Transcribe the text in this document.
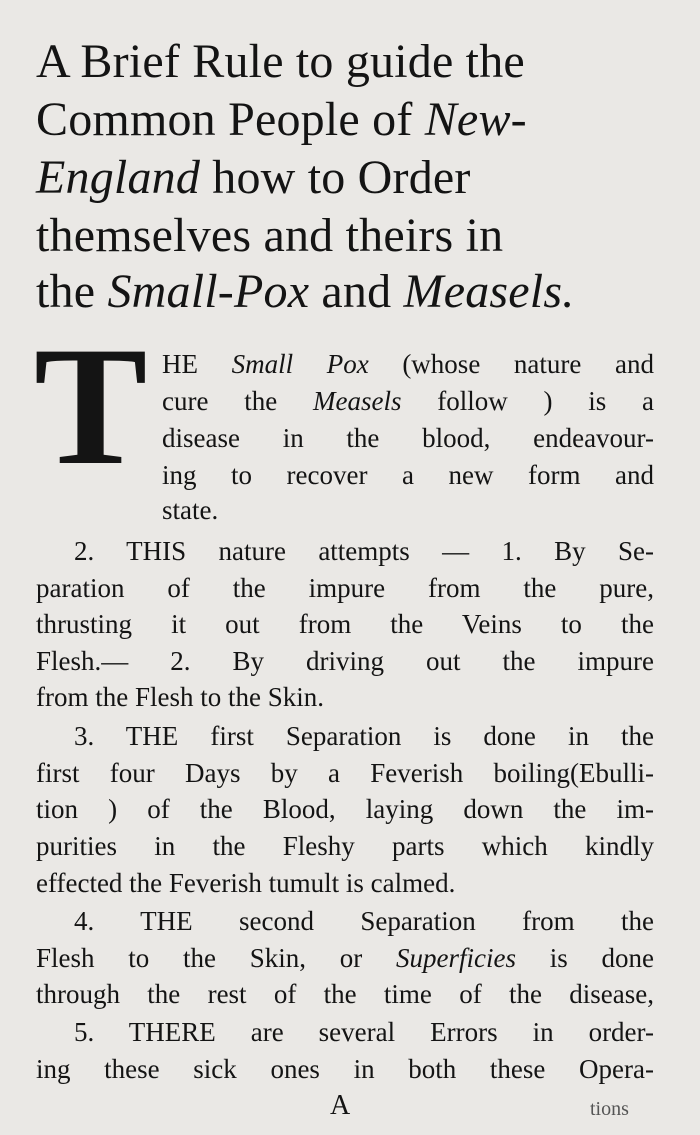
A Brief Rule to guide the
Common People of New-
England how to Order
themselves and theirs in
the Small-Pox and Measels.
T HE Small Pox (whose nature and
cure the Measels follow ) is a
disease in the blood, endeavour-
ing to recover a new form and
state.
2. THIS nature attempts — 1. By Se-
paration of the impure from the pure,
thrusting it out from the Veins to the
Flesh.— 2. By driving out the impure
from the Flesh to the Skin.
3. THE first Separation is done in the
first four Days by a Feverish boiling(Ebulli-
tion ) of the Blood, laying down the im-
purities in the Fleshy parts which kindly
effected the Feverish tumult is calmed.
4. THE second Separation from the
Flesh to the Skin, or Superficies is done
through the rest of the time of the disease,
5. THERE are several Errors in order-
ing these sick ones in both these Opera-
A	tions
